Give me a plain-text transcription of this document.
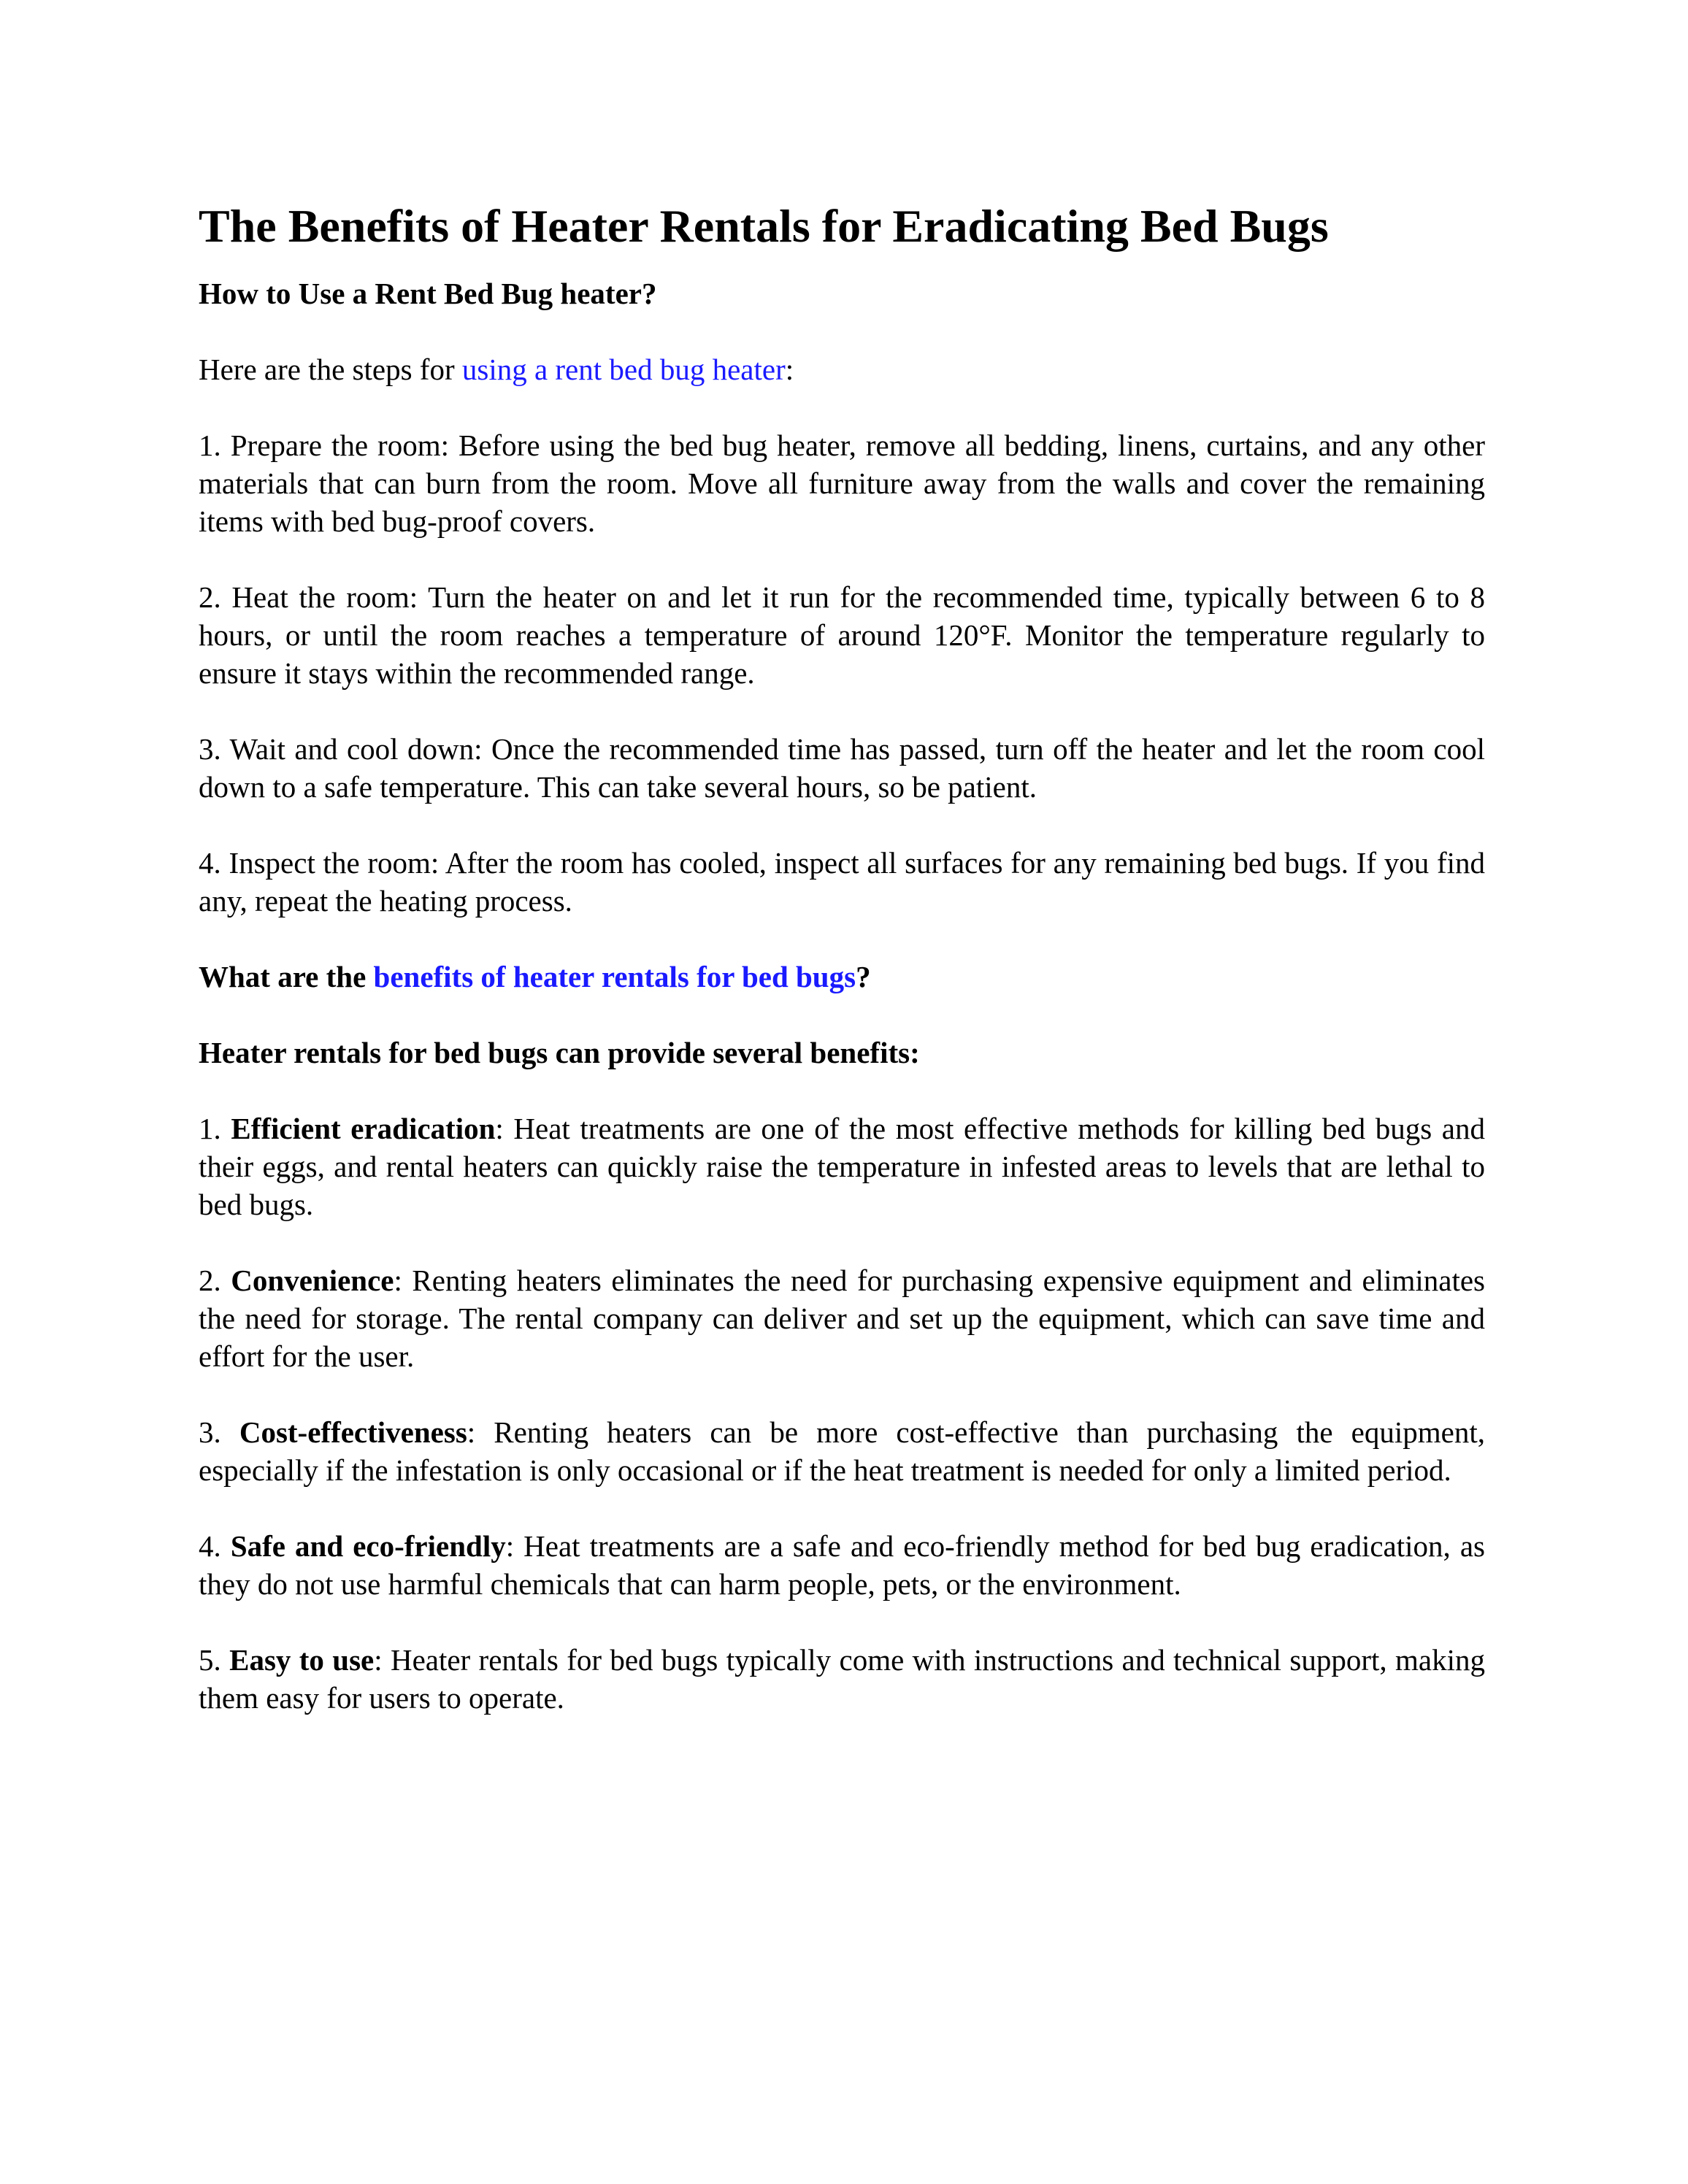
The Benefits of Heater Rentals for Eradicating Bed Bugs

How to Use a Rent Bed Bug heater?

Here are the steps for using a rent bed bug heater:

1. Prepare the room: Before using the bed bug heater, remove all bedding, linens, curtains, and any other materials that can burn from the room. Move all furniture away from the walls and cover the remaining items with bed bug-proof covers.

2. Heat the room: Turn the heater on and let it run for the recommended time, typically between 6 to 8 hours, or until the room reaches a temperature of around 120°F. Monitor the temperature regularly to ensure it stays within the recommended range.

3. Wait and cool down: Once the recommended time has passed, turn off the heater and let the room cool down to a safe temperature. This can take several hours, so be patient.

4. Inspect the room: After the room has cooled, inspect all surfaces for any remaining bed bugs. If you find any, repeat the heating process.

What are the benefits of heater rentals for bed bugs?

Heater rentals for bed bugs can provide several benefits:

1. Efficient eradication: Heat treatments are one of the most effective methods for killing bed bugs and their eggs, and rental heaters can quickly raise the temperature in infested areas to levels that are lethal to bed bugs.

2. Convenience: Renting heaters eliminates the need for purchasing expensive equipment and eliminates the need for storage. The rental company can deliver and set up the equipment, which can save time and effort for the user.

3. Cost-effectiveness: Renting heaters can be more cost-effective than purchasing the equipment, especially if the infestation is only occasional or if the heat treatment is needed for only a limited period.

4. Safe and eco-friendly: Heat treatments are a safe and eco-friendly method for bed bug eradication, as they do not use harmful chemicals that can harm people, pets, or the environment.

5. Easy to use: Heater rentals for bed bugs typically come with instructions and technical support, making them easy for users to operate.
